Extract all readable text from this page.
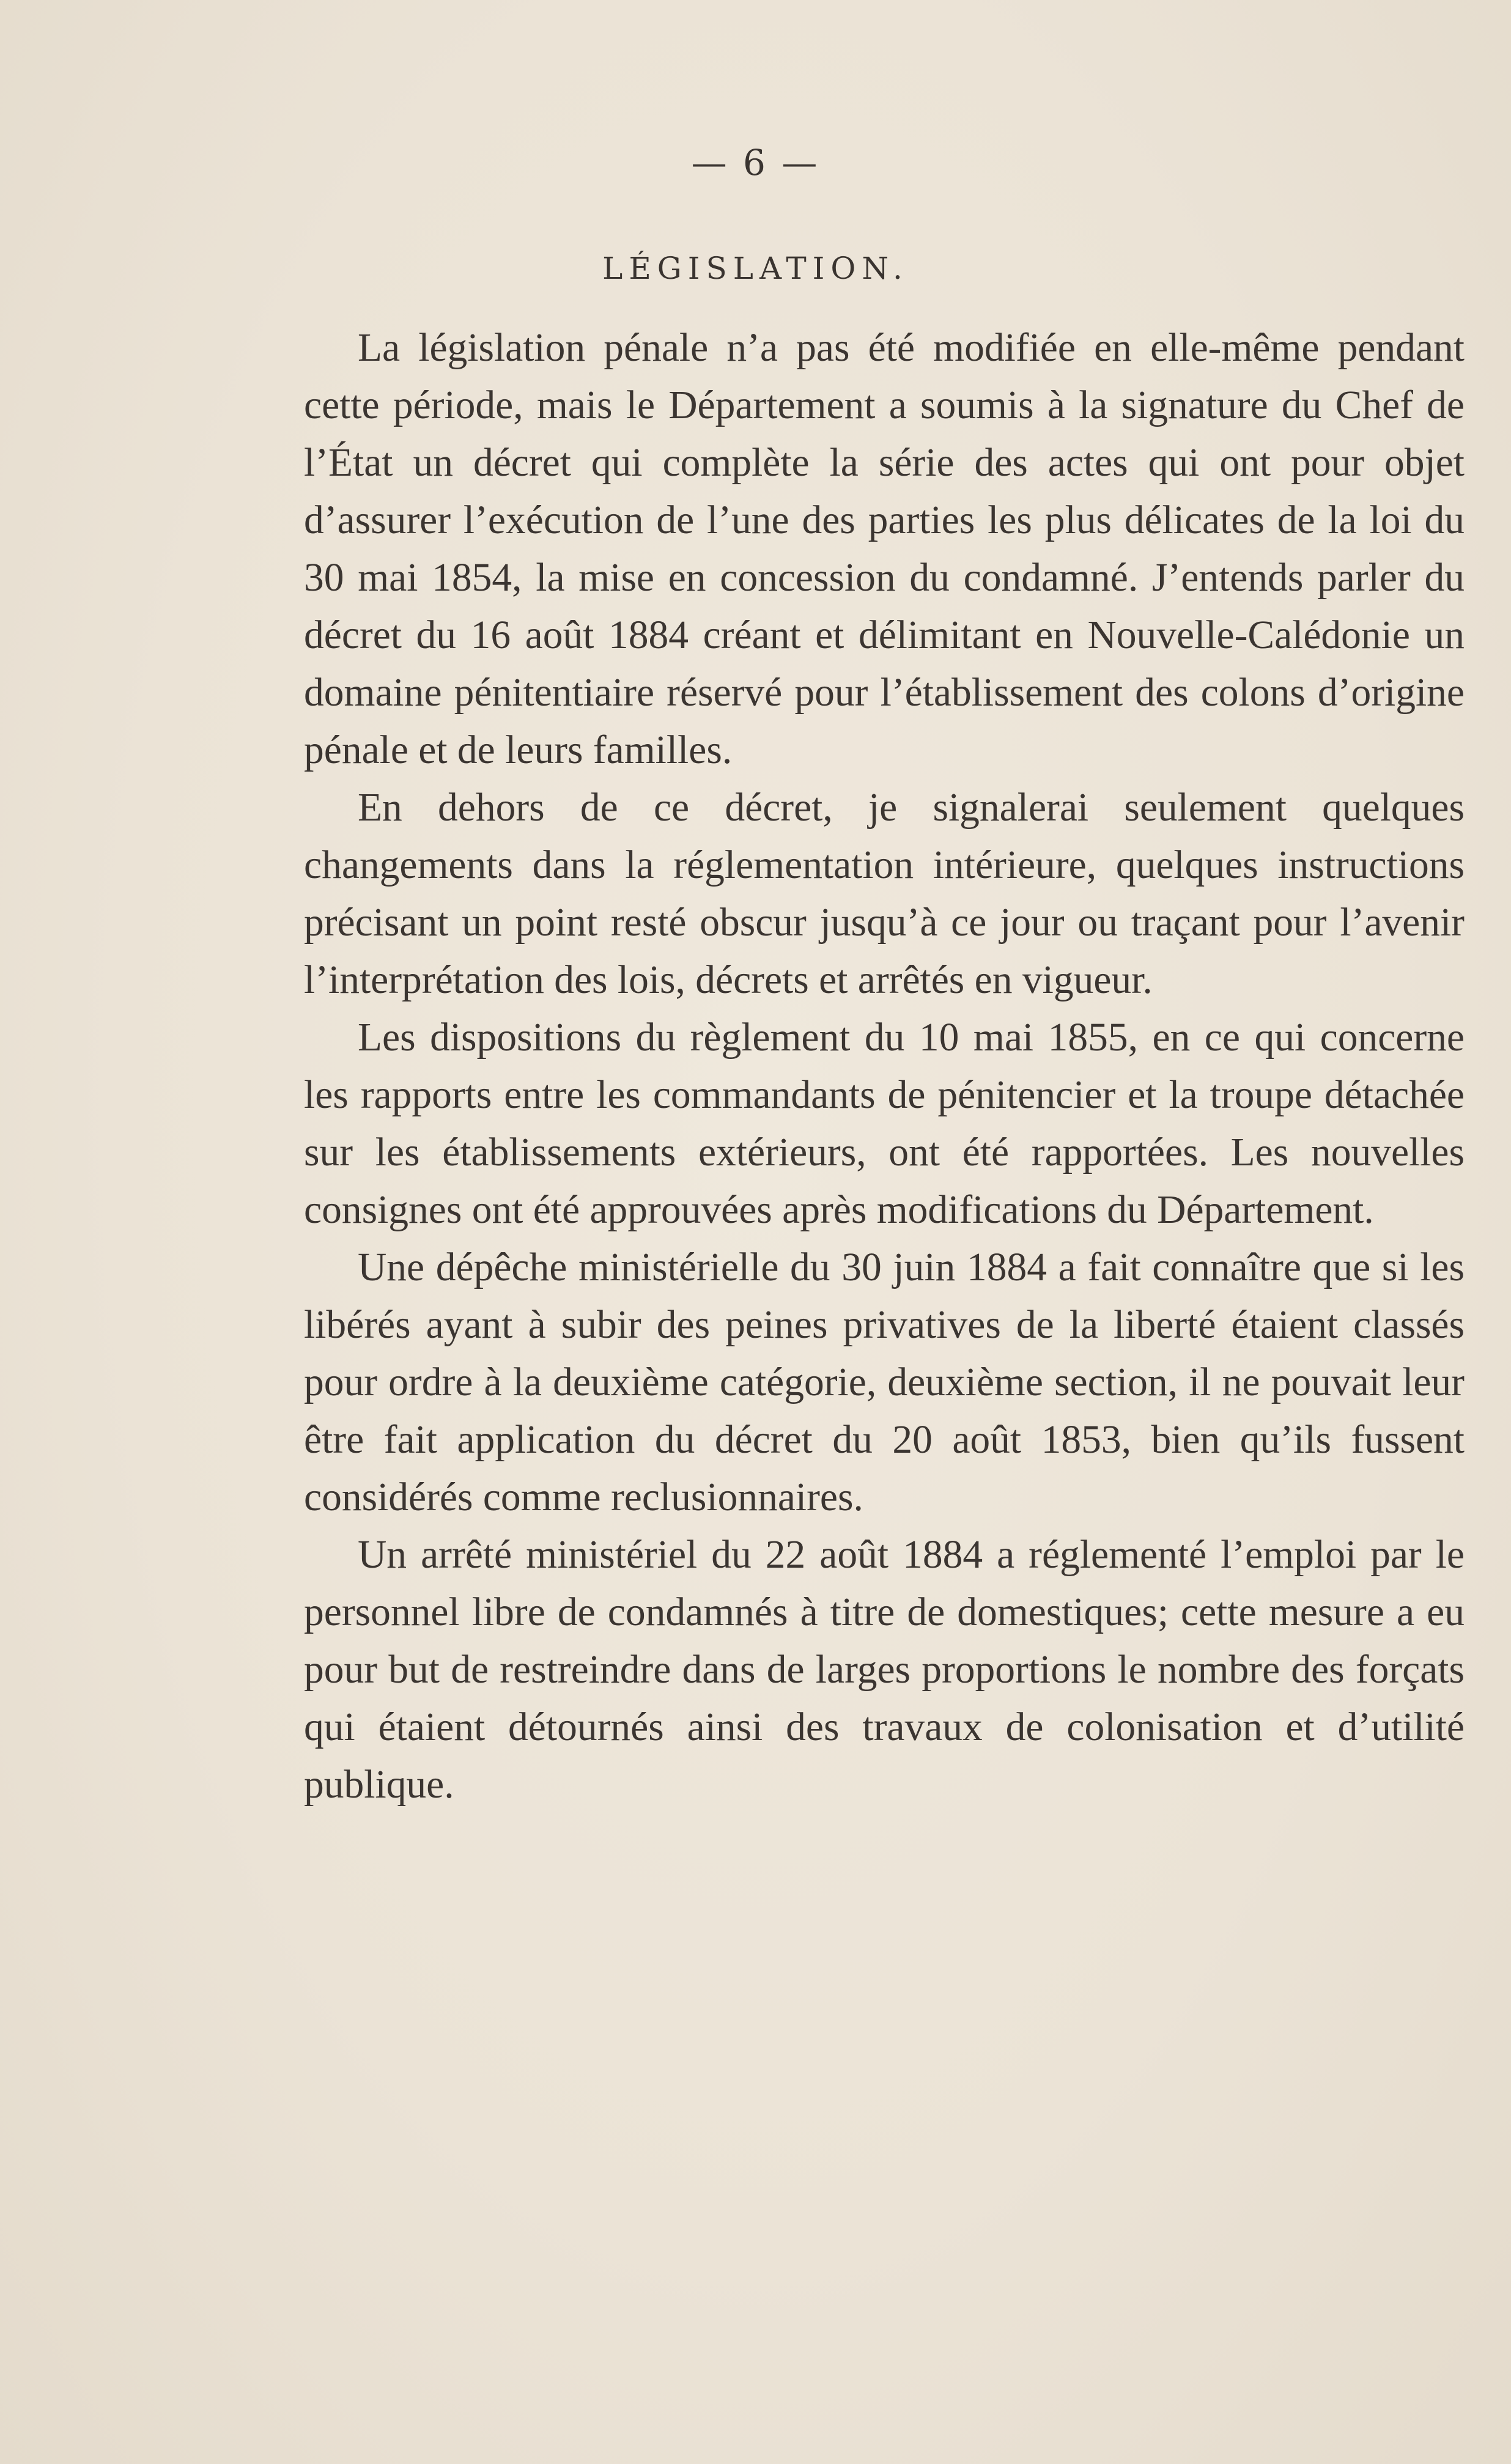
— 6 —
LÉGISLATION.

La législation pénale n’a pas été modifiée en elle-même pendant cette période, mais le Département a soumis à la signature du Chef de l’État un décret qui complète la série des actes qui ont pour objet d’assurer l’exécution de l’une des parties les plus délicates de la loi du 30 mai 1854, la mise en concession du condamné. J’entends parler du décret du 16 août 1884 créant et délimitant en Nouvelle-Calédonie un domaine pénitentiaire réservé pour l’établissement des colons d’origine pénale et de leurs familles.

En dehors de ce décret, je signalerai seulement quelques changements dans la réglementation intérieure, quelques instructions précisant un point resté obscur jusqu’à ce jour ou traçant pour l’avenir l’interprétation des lois, décrets et arrêtés en vigueur.

Les dispositions du règlement du 10 mai 1855, en ce qui concerne les rapports entre les commandants de pénitencier et la troupe détachée sur les établissements extérieurs, ont été rapportées. Les nouvelles consignes ont été approuvées après modifications du Département.

Une dépêche ministérielle du 30 juin 1884 a fait connaître que si les libérés ayant à subir des peines privatives de la liberté étaient classés pour ordre à la deuxième catégorie, deuxième section, il ne pouvait leur être fait application du décret du 20 août 1853, bien qu’ils fussent considérés comme reclusionnaires.

Un arrêté ministériel du 22 août 1884 a réglementé l’emploi par le personnel libre de condamnés à titre de domestiques; cette mesure a eu pour but de restreindre dans de larges proportions le nombre des forçats qui étaient détournés ainsi des travaux de colonisation et d’utilité publique.
